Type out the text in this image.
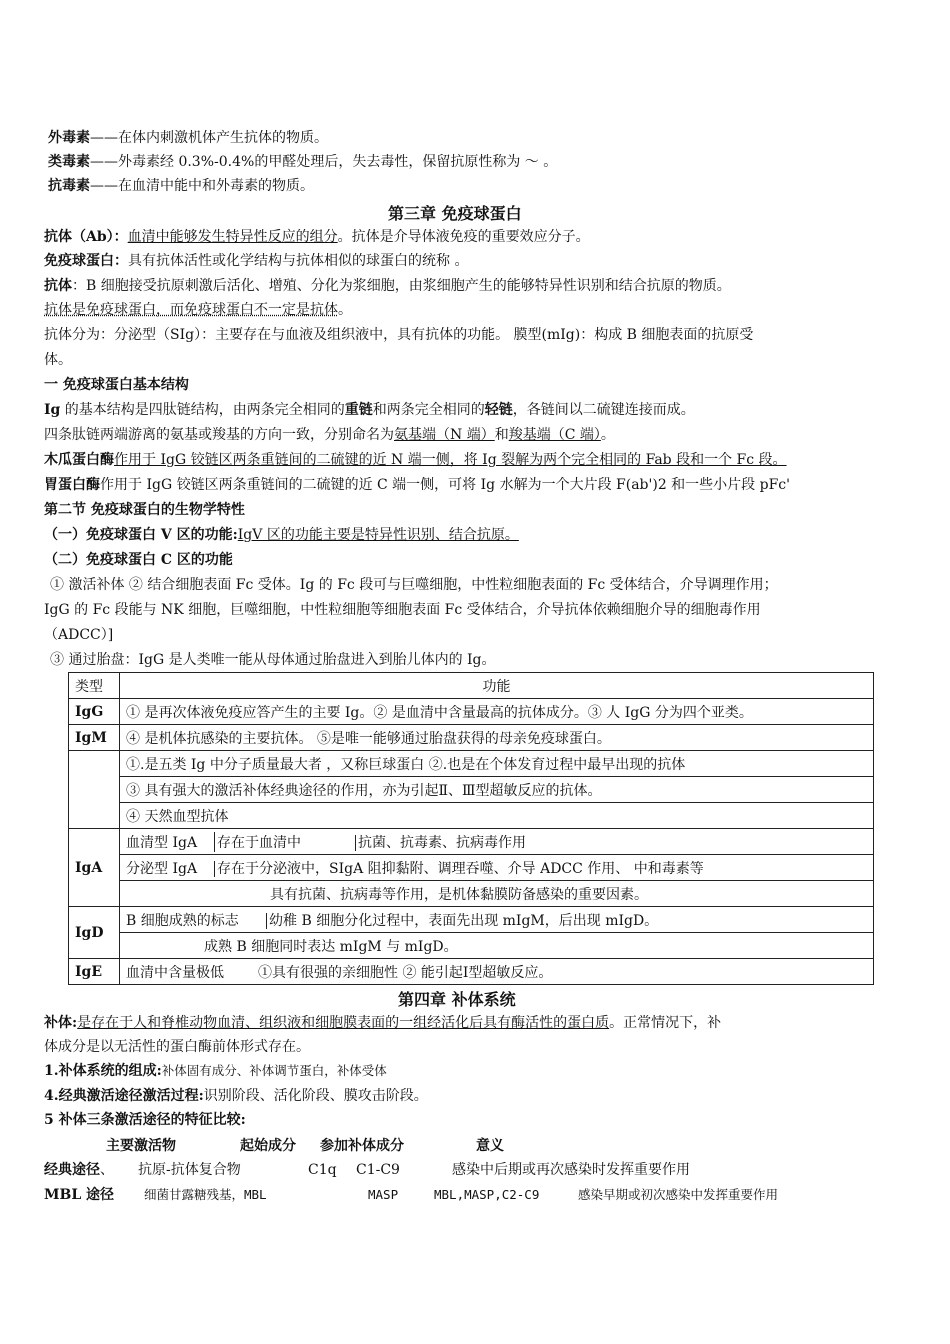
外毒素——在体内刺激机体产生抗体的物质。
类毒素——外毒素经 0.3%-0.4%的甲醛处理后，失去毒性，保留抗原性称为 ～ 。
抗毒素——在血清中能中和外毒素的物质。
第三章 免疫球蛋白
抗体（Ab）：血清中能够发生特异性反应的组分。抗体是介导体液免疫的重要效应分子。
免疫球蛋白：具有抗体活性或化学结构与抗体相似的球蛋白的统称 。
抗体：B 细胞接受抗原刺激后活化、增殖、分化为浆细胞，由浆细胞产生的能够特异性识别和结合抗原的物质。
抗体是免疫球蛋白，而免疫球蛋白不一定是抗体。
抗体分为：分泌型（SIg）：主要存在与血液及组织液中，具有抗体的功能。 膜型(mIg)：构成 B 细胞表面的抗原受
体。
一 免疫球蛋白基本结构
Ig 的基本结构是四肽链结构，由两条完全相同的重链和两条完全相同的轻链，各链间以二硫键连接而成。
四条肽链两端游离的氨基或羧基的方向一致，分别命名为氨基端（N 端）和羧基端（C 端）。
木瓜蛋白酶作用于 IgG 铰链区两条重链间的二硫键的近 N 端一侧，将 Ig 裂解为两个完全相同的 Fab 段和一个 Fc 段。
胃蛋白酶作用于 IgG 铰链区两条重链间的二硫键的近 C 端一侧，可将 Ig 水解为一个大片段 F(ab')2 和一些小片段 pFc'
第二节 免疫球蛋白的生物学特性
（一）免疫球蛋白 V 区的功能:IgV 区的功能主要是特异性识别、结合抗原。
（二）免疫球蛋白 C 区的功能
① 激活补体 ② 结合细胞表面 Fc 受体。Ig 的 Fc 段可与巨噬细胞，中性粒细胞表面的 Fc 受体结合，介导调理作用；
IgG 的 Fc 段能与 NK 细胞，巨噬细胞，中性粒细胞等细胞表面 Fc 受体结合，介导抗体依赖细胞介导的细胞毒作用
（ADCC）]
③ 通过胎盘：IgG 是人类唯一能从母体通过胎盘进入到胎儿体内的 Ig。
类型	功能
IgG	① 是再次体液免疫应答产生的主要 Ig。② 是血清中含量最高的抗体成分。③ 人 IgG 分为四个亚类。
IgM	④ 是机体抗感染的主要抗体。 ⑤是唯一能够通过胎盘获得的母亲免疫球蛋白。
	①.是五类 Ig 中分子质量最大者 ，又称巨球蛋白 ②.也是在个体发育过程中最早出现的抗体
	③ 具有强大的激活补体经典途径的作用，亦为引起Ⅱ、Ⅲ型超敏反应的抗体。
	④ 天然血型抗体
IgA	血清型 IgA存在于血清中 抗菌、抗毒素、抗病毒作用
	分泌型 IgA存在于分泌液中，SIgA 阻抑黏附、调理吞噬、介导 ADCC 作用、 中和毒素等
	具有抗菌、抗病毒等作用，是机体黏膜防备感染的重要因素。
IgD	B 细胞成熟的标志 幼稚 B 细胞分化过程中，表面先出现 mIgM，后出现 mIgD。
	成熟 B 细胞同时表达 mIgM 与 mIgD。
IgE	血清中含量极低 ①具有很强的亲细胞性 ② 能引起Ⅰ型超敏反应。
第四章 补体系统
补体:是存在于人和脊椎动物血清、组织液和细胞膜表面的一组经活化后具有酶活性的蛋白质。正常情况下，补
体成分是以无活性的蛋白酶前体形式存在。
1.补体系统的组成:补体固有成分、补体调节蛋白，补体受体
4.经典激活途径激活过程:识别阶段、活化阶段、膜攻击阶段。
5 补体三条激活途径的特征比较:
主要激活物	起始成分 参加补体成分	意义
经典途径、 抗原-抗体复合物	C1q C1-C9	感染中后期或再次感染时发挥重要作用
MBL 途径 细菌甘露糖残基，MBL	MASP	MBL,MASP,C2-C9	感染早期或初次感染中发挥重要作用
